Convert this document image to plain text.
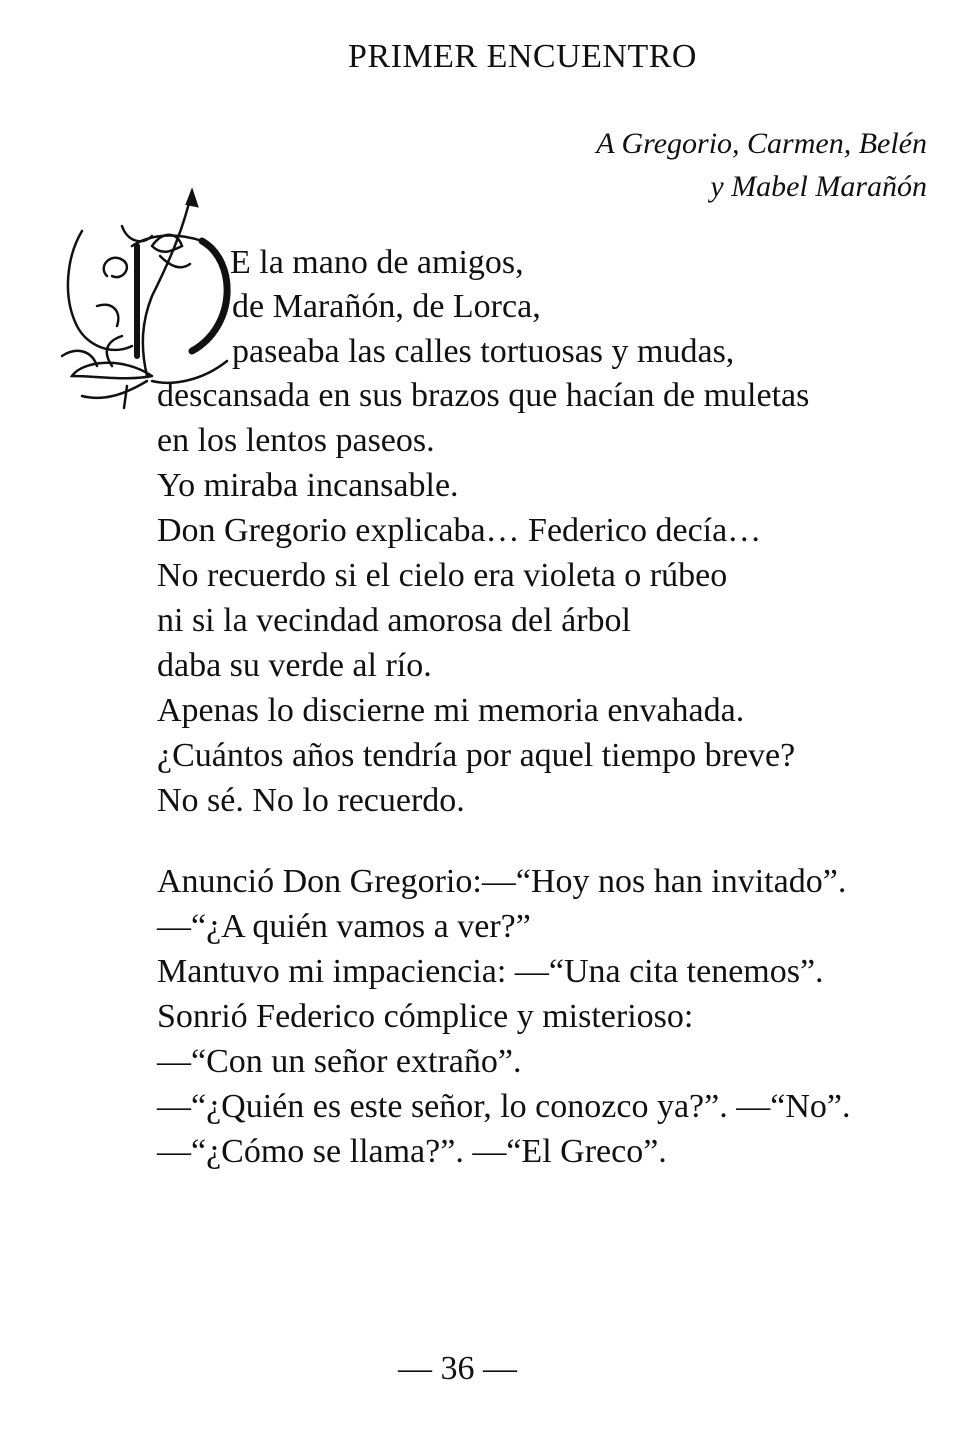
PRIMER ENCUENTRO
A Gregorio, Carmen, Belén
y Mabel Marañón
E la mano de amigos,
de Marañón, de Lorca,
paseaba las calles tortuosas y mudas,
descansada en sus brazos que hacían de muletas
en los lentos paseos.
Yo miraba incansable.
Don Gregorio explicaba… Federico decía…
No recuerdo si el cielo era violeta o rúbeo
ni si la vecindad amorosa del árbol
daba su verde al río.
Apenas lo discierne mi memoria envahada.
¿Cuántos años tendría por aquel tiempo breve?
No sé. No lo recuerdo.
Anunció Don Gregorio:—“Hoy nos han invitado”.
—“¿A quién vamos a ver?”
Mantuvo mi impaciencia: —“Una cita tenemos”.
Sonrió Federico cómplice y misterioso:
—“Con un señor extraño”.
—“¿Quién es este señor, lo conozco ya?”. —“No”.
—“¿Cómo se llama?”. —“El Greco”.
— 36 —
